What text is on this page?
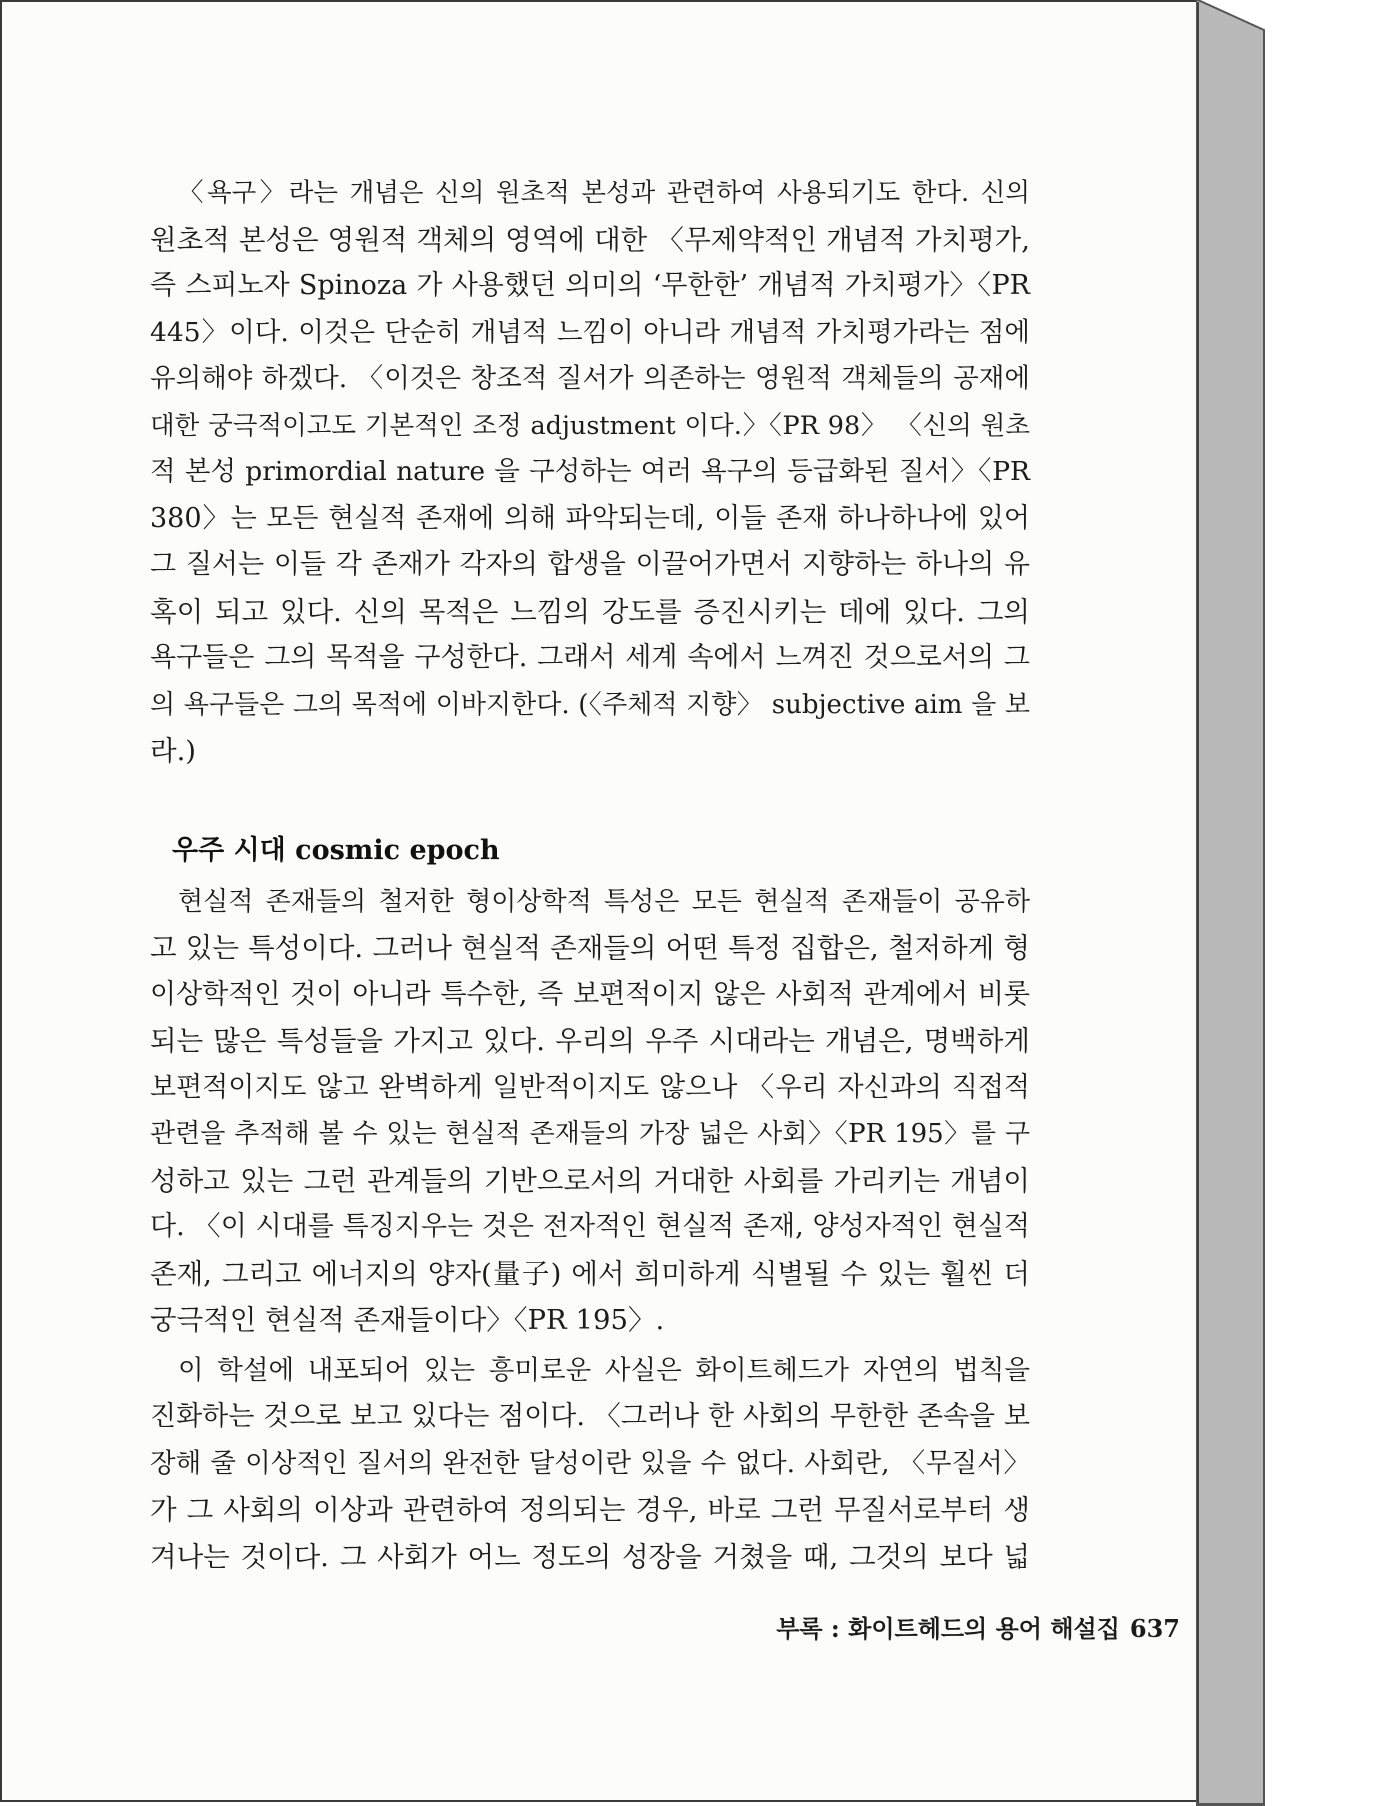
〈욕구〉라는 개념은 신의 원초적 본성과 관련하여 사용되기도 한다. 신의
원초적 본성은 영원적 객체의 영역에 대한 〈무제약적인 개념적 가치평가,
즉 스피노자 Spinoza 가 사용했던 의미의 ‘무한한’ 개념적 가치평가〉〈PR
445〉이다. 이것은 단순히 개념적 느낌이 아니라 개념적 가치평가라는 점에
유의해야 하겠다. 〈이것은 창조적 질서가 의존하는 영원적 객체들의 공재에
대한 궁극적이고도 기본적인 조정 adjustment 이다.〉〈PR 98〉 〈신의 원초
적 본성 primordial nature 을 구성하는 여러 욕구의 등급화된 질서〉〈PR
380〉는 모든 현실적 존재에 의해 파악되는데, 이들 존재 하나하나에 있어
그 질서는 이들 각 존재가 각자의 합생을 이끌어가면서 지향하는 하나의 유
혹이 되고 있다. 신의 목적은 느낌의 강도를 증진시키는 데에 있다. 그의
욕구들은 그의 목적을 구성한다. 그래서 세계 속에서 느껴진 것으로서의 그
의 욕구들은 그의 목적에 이바지한다. (〈주체적 지향〉 subjective aim 을 보
라.)

우주 시대 cosmic epoch

현실적 존재들의 철저한 형이상학적 특성은 모든 현실적 존재들이 공유하
고 있는 특성이다. 그러나 현실적 존재들의 어떤 특정 집합은, 철저하게 형
이상학적인 것이 아니라 특수한, 즉 보편적이지 않은 사회적 관계에서 비롯
되는 많은 특성들을 가지고 있다. 우리의 우주 시대라는 개념은, 명백하게
보편적이지도 않고 완벽하게 일반적이지도 않으나 〈우리 자신과의 직접적
관련을 추적해 볼 수 있는 현실적 존재들의 가장 넓은 사회〉〈PR 195〉를 구
성하고 있는 그런 관계들의 기반으로서의 거대한 사회를 가리키는 개념이
다. 〈이 시대를 특징지우는 것은 전자적인 현실적 존재, 양성자적인 현실적
존재, 그리고 에너지의 양자(量子) 에서 희미하게 식별될 수 있는 훨씬 더
궁극적인 현실적 존재들이다〉〈PR 195〉.

이 학설에 내포되어 있는 흥미로운 사실은 화이트헤드가 자연의 법칙을
진화하는 것으로 보고 있다는 점이다. 〈그러나 한 사회의 무한한 존속을 보
장해 줄 이상적인 질서의 완전한 달성이란 있을 수 없다. 사회란, 〈무질서〉
가 그 사회의 이상과 관련하여 정의되는 경우, 바로 그런 무질서로부터 생
겨나는 것이다. 그 사회가 어느 정도의 성장을 거쳤을 때, 그것의 보다 넓

부록 : 화이트헤드의 용어 해설집 637
